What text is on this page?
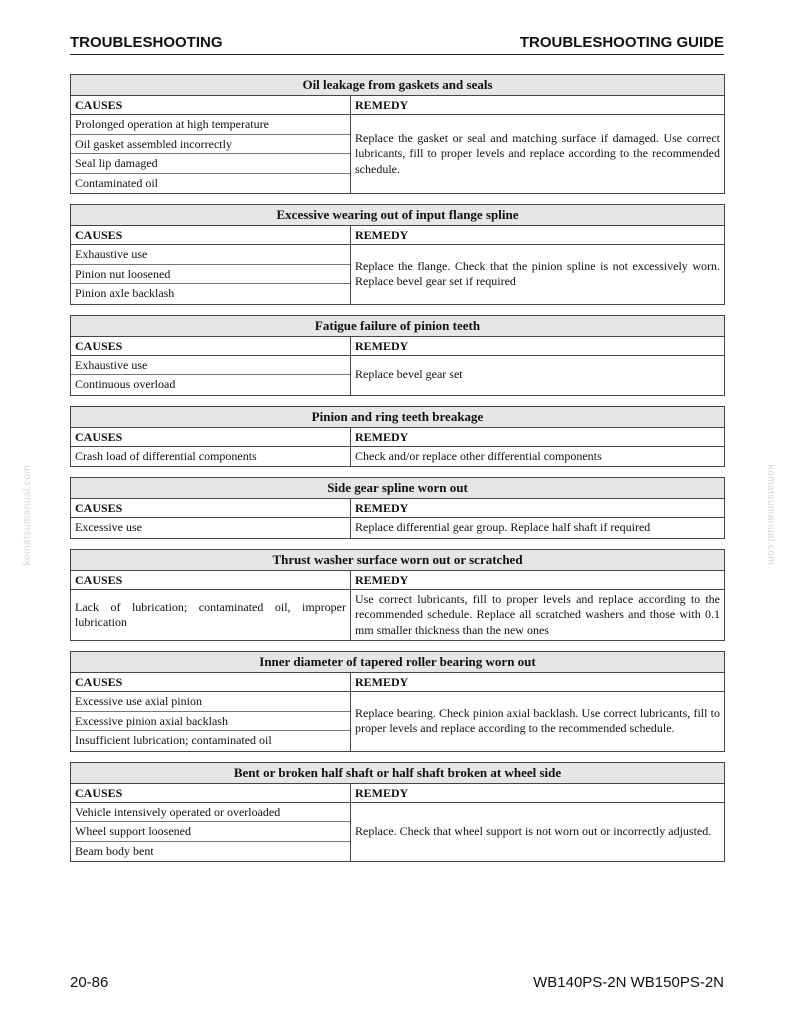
TROUBLESHOOTING	TROUBLESHOOTING GUIDE
komatsumanual.com	komatsumanual.com
Oil leakage from gaskets and seals
CAUSES	REMEDY
Prolonged operation at high temperature
Oil gasket assembled incorrectly
Seal lip damaged
Contaminated oil
Replace the gasket or seal and matching surface if damaged. Use correct lubricants, fill to proper levels and replace according to the recommended schedule.
Excessive wearing out of input flange spline
CAUSES	REMEDY
Exhaustive use
Pinion nut loosened
Pinion axle backlash
Replace the flange. Check that the pinion spline is not excessively worn. Replace bevel gear set if required
Fatigue failure of pinion teeth
CAUSES	REMEDY
Exhaustive use
Continuous overload
Replace bevel gear set
Pinion and ring teeth breakage
CAUSES	REMEDY
Crash load of differential components	Check and/or replace other differential components
Side gear spline worn out
CAUSES	REMEDY
Excessive use	Replace differential gear group. Replace half shaft if required
Thrust washer surface worn out or scratched
CAUSES	REMEDY
Lack of lubrication; contaminated oil, improper lubrication
Use correct lubricants, fill to proper levels and replace according to the recommended schedule. Replace all scratched washers and those with 0.1 mm smaller thickness than the new ones
Inner diameter of tapered roller bearing worn out
CAUSES	REMEDY
Excessive use axial pinion
Excessive pinion axial backlash
Insufficient lubrication; contaminated oil
Replace bearing. Check pinion axial backlash. Use correct lubricants, fill to proper levels and replace according to the recommended schedule.
Bent or broken half shaft or half shaft broken at wheel side
CAUSES	REMEDY
Vehicle intensively operated or overloaded
Wheel support loosened
Beam body bent
Replace. Check that wheel support is not worn out or incorrectly adjusted.
20-86	WB140PS-2N WB150PS-2N
